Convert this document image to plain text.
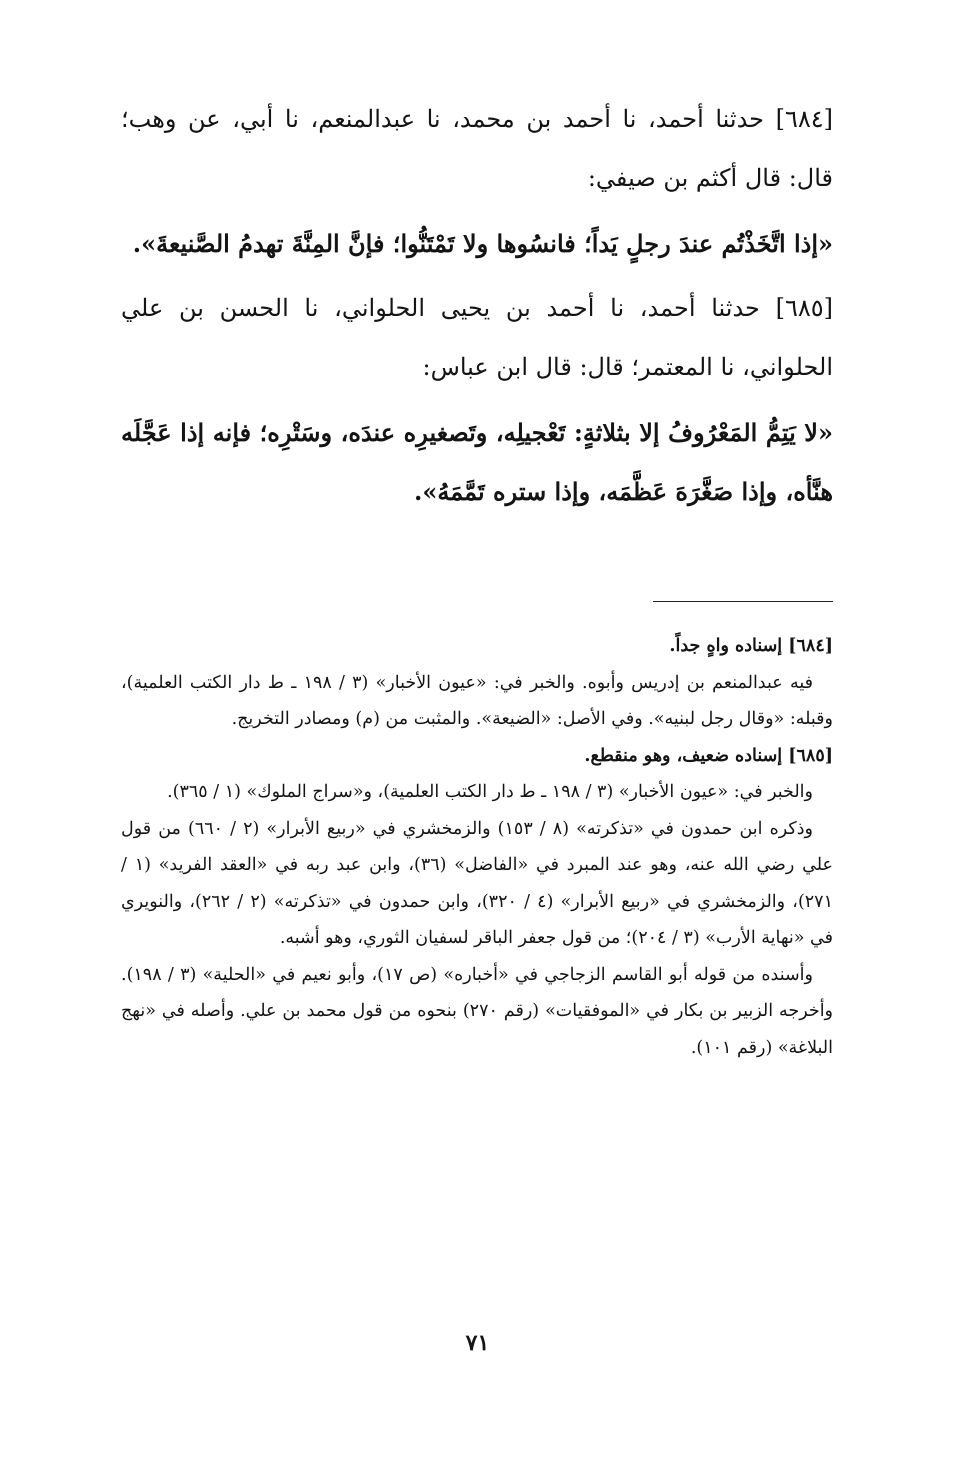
[٦٨٤] حدثنا أحمد، نا أحمد بن محمد، نا عبدالمنعم، نا أبي، عن وهب؛ قال: قال أكثم بن صيفي:

«إذا اتَّخَذْتُم عندَ رجلٍ يَداً؛ فانسُوها ولا تَمْتَنُّوا؛ فإنَّ المِنَّةَ تهدمُ الصَّنيعةَ».

[٦٨٥] حدثنا أحمد، نا أحمد بن يحيى الحلواني، نا الحسن بن علي الحلواني، نا المعتمر؛ قال: قال ابن عباس:

«لا يَتِمُّ المَعْرُوفُ إلا بثلاثةٍ: تَعْجيلِه، وتَصغيرِه عندَه، وسَتْرِه؛ فإنه إذا عَجَّلَه هنَّأه، وإذا صَغَّرَهَ عَظَّمَه، وإذا ستره تَمَّمَهُ».

[٦٨٤] إسناده واهٍ جداً.

فيه عبدالمنعم بن إدريس وأبوه. والخبر في: «عيون الأخبار» (٣ / ١٩٨ ـ ط دار الكتب العلمية)، وقبله: «وقال رجل لبنيه». وفي الأصل: «الضيعة». والمثبت من (م) ومصادر التخريج.

[٦٨٥] إسناده ضعيف، وهو منقطع.

والخبر في: «عيون الأخبار» (٣ / ١٩٨ ـ ط دار الكتب العلمية)، و«سراج الملوك» (١ / ٣٦٥).

وذكره ابن حمدون في «تذكرته» (٨ / ١٥٣) والزمخشري في «ربيع الأبرار» (٢ / ٦٦٠) من قول علي رضي الله عنه، وهو عند المبرد في «الفاضل» (٣٦)، وابن عبد ربه في «العقد الفريد» (١ / ٢٧١)، والزمخشري في «ربيع الأبرار» (٤ / ٣٢٠)، وابن حمدون في «تذكرته» (٢ / ٢٦٢)، والنويري في «نهاية الأرب» (٣ / ٢٠٤)؛ من قول جعفر الباقر لسفيان الثوري، وهو أشبه.

وأسنده من قوله أبو القاسم الزجاجي في «أخباره» (ص ١٧)، وأبو نعيم في «الحلية» (٣ / ١٩٨). وأخرجه الزبير بن بكار في «الموفقيات» (رقم ٢٧٠) بنحوه من قول محمد بن علي. وأصله في «نهج البلاغة» (رقم ١٠١).

٧١
